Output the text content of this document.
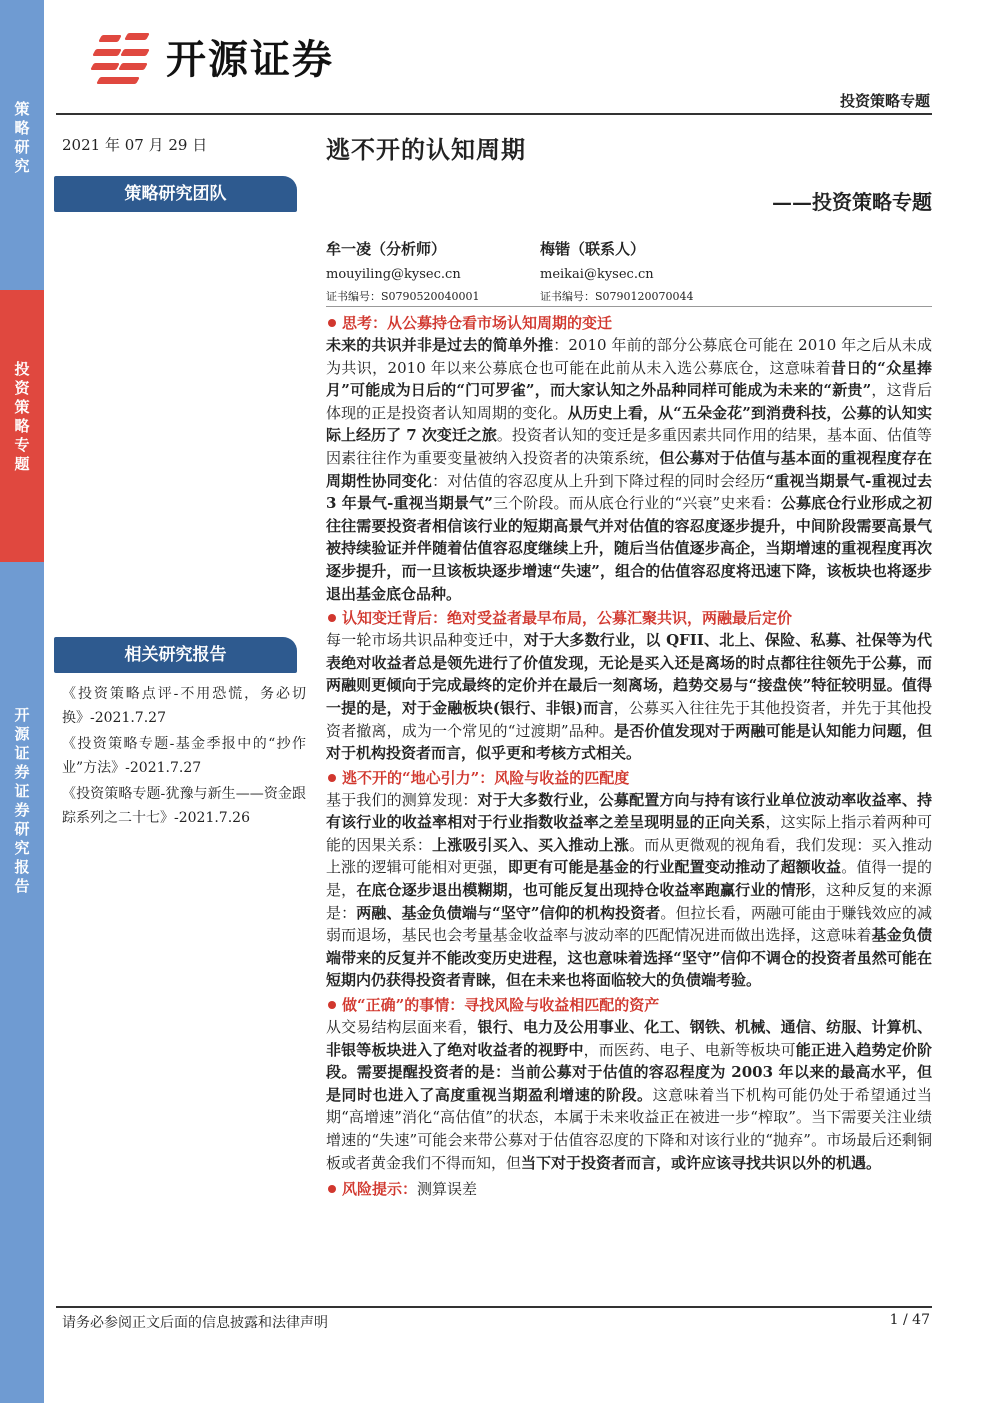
策略研究
投资策略专题
开源证券 证券研究报告
开源证券
投资策略专题
2021 年 07 月 29 日	逃不开的认知周期
——投资策略专题
策略研究团队
牟一凌（分析师）
mouyiling@kysec.cn
证书编号：S0790520040001
梅锴（联系人）
meikai@kysec.cn
证书编号：S0790120070044
思考：从公募持仓看市场认知周期的变迁

未来的共识并非是过去的简单外推：2010 年前的部分公募底仓可能在 2010 年之后从未成为共识，2010 年以来公募底仓也可能在此前从未入选公募底仓，这意味着昔日的“众星捧月”可能成为日后的“门可罗雀”，而大家认知之外品种同样可能成为未来的“新贵”，这背后体现的正是投资者认知周期的变化。从历史上看，从“五朵金花”到消费科技，公募的认知实际上经历了 7 次变迁之旅。投资者认知的变迁是多重因素共同作用的结果，基本面、估值等因素往往作为重要变量被纳入投资者的决策系统，但公募对于估值与基本面的重视程度存在周期性协同变化：对估值的容忍度从上升到下降过程的同时会经历“重视当期景气-重视过去 3 年景气-重视当期景气”三个阶段。而从底仓行业的“兴衰”史来看：公募底仓行业形成之初往往需要投资者相信该行业的短期高景气并对估值的容忍度逐步提升，中间阶段需要高景气被持续验证并伴随着估值容忍度继续上升，随后当估值逐步高企，当期增速的重视程度再次逐步提升，而一旦该板块逐步增速“失速”，组合的估值容忍度将迅速下降，该板块也将逐步退出基金底仓品种。

认知变迁背后：绝对受益者最早布局，公募汇聚共识，两融最后定价

每一轮市场共识品种变迁中，对于大多数行业，以 QFII、北上、保险、私募、社保等为代表绝对收益者总是领先进行了价值发现，无论是买入还是离场的时点都往往领先于公募，而两融则更倾向于完成最终的定价并在最后一刻离场，趋势交易与“接盘侠”特征较明显。值得一提的是，对于金融板块(银行、非银)而言，公募买入往往先于其他投资者，并先于其他投资者撤离，成为一个常见的“过渡期”品种。是否价值发现对于两融可能是认知能力问题，但对于机构投资者而言，似乎更和考核方式相关。

逃不开的“地心引力”：风险与收益的匹配度

基于我们的测算发现：对于大多数行业，公募配置方向与持有该行业单位波动率收益率、持有该行业的收益率相对于行业指数收益率之差呈现明显的正向关系，这实际上指示着两种可能的因果关系：上涨吸引买入、买入推动上涨。而从更微观的视角看，我们发现：买入推动上涨的逻辑可能相对更强，即更有可能是基金的行业配置变动推动了超额收益。值得一提的是，在底仓逐步退出模糊期，也可能反复出现持仓收益率跑赢行业的情形，这种反复的来源是：两融、基金负债端与“坚守”信仰的机构投资者。但拉长看，两融可能由于赚钱效应的减弱而退场，基民也会考量基金收益率与波动率的匹配情况进而做出选择，这意味着基金负债端带来的反复并不能改变历史进程，这也意味着选择“坚守”信仰不调仓的投资者虽然可能在短期内仍获得投资者青睐，但在未来也将面临较大的负债端考验。

做“正确”的事情：寻找风险与收益相匹配的资产

从交易结构层面来看，银行、电力及公用事业、化工、钢铁、机械、通信、纺服、计算机、非银等板块进入了绝对收益者的视野中，而医药、电子、电新等板块可能正进入趋势定价阶段。需要提醒投资者的是：当前公募对于估值的容忍程度为 2003 年以来的最高水平，但是同时也进入了高度重视当期盈利增速的阶段。这意味着当下机构可能仍处于希望通过当期“高增速”消化“高估值”的状态，本属于未来收益正在被进一步“榨取”。当下需要关注业绩增速的“失速”可能会来带公募对于估值容忍度的下降和对该行业的“抛弃”。市场最后还剩铜板或者黄金我们不得而知，但当下对于投资者而言，或许应该寻找共识以外的机遇。

风险提示：测算误差
相关研究报告
《投资策略点评-不用恐慌，务必切换》-2021.7.27
《投资策略专题-基金季报中的“抄作业”方法》-2021.7.27
《投资策略专题-犹豫与新生——资金跟踪系列之二十七》-2021.7.26
请务必参阅正文后面的信息披露和法律声明	1 / 47
